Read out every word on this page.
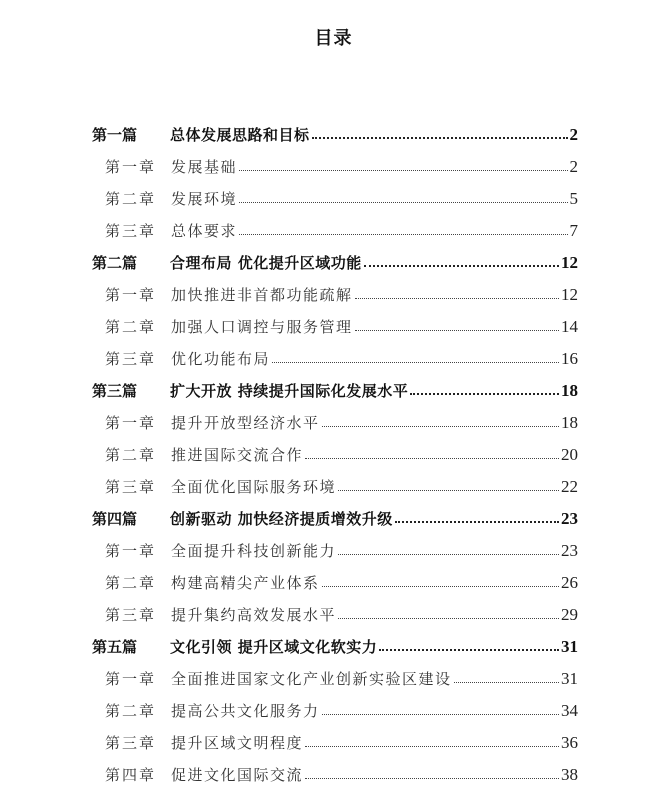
目录
第一篇	总体发展思路和目标	2
第一章 发展基础	2
第二章 发展环境	5
第三章 总体要求	7
第二篇	合理布局 优化提升区域功能	12
第一章 加快推进非首都功能疏解	12
第二章 加强人口调控与服务管理	14
第三章 优化功能布局	16
第三篇	扩大开放 持续提升国际化发展水平	18
第一章 提升开放型经济水平	18
第二章 推进国际交流合作	20
第三章 全面优化国际服务环境	22
第四篇	创新驱动 加快经济提质增效升级	23
第一章 全面提升科技创新能力	23
第二章 构建高精尖产业体系	26
第三章 提升集约高效发展水平	29
第五篇	文化引领 提升区域文化软实力	31
第一章 全面推进国家文化产业创新实验区建设	31
第二章 提高公共文化服务力	34
第三章 提升区域文明程度	36
第四章 促进文化国际交流	38
